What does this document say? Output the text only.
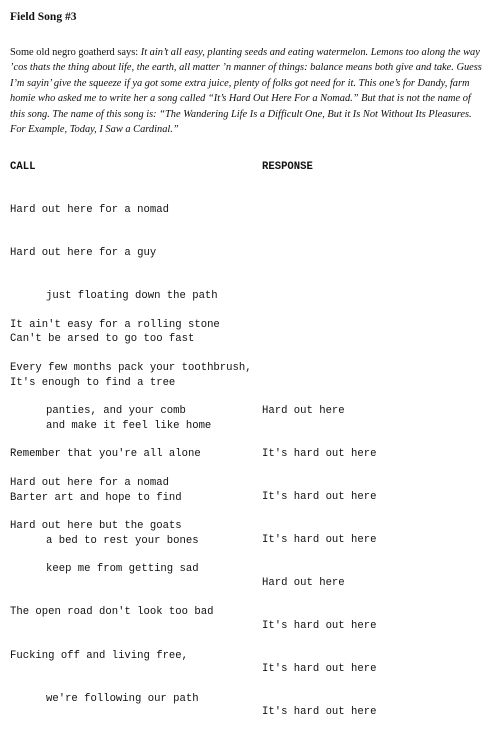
Field Song #3

Some old negro goatherd says: It ain’t all easy, planting seeds and eating watermelon. Lemons too along the way ’cos thats the thing about life, the earth, all matter ’n manner of things: balance means both give and take. Guess I’m sayin’ give the squeeze if ya got some extra juice, plenty of folks got need for it. This one’s for Dandy, farm homie who asked me to write her a song called “It’s Hard Out Here For a Nomad.” But that is not the name of this song. The name of this song is: “The Wandering Life Is a Difficult One, But it Is Not Without Its Pleasures. For Example, Today, I Saw a Cardinal.”

CALL	RESPONSE

Hard out here for a nomad

Hard out here for a guy

just floating down the path

Can't be arsed to go too fast

It's enough to find a tree

and make it feel like home

It ain't easy for a rolling stone

Every few months pack your toothbrush,

panties, and your comb

Remember that you're all alone

Barter art and hope to find

a bed to rest your bones

Hard out here

It's hard out here

It's hard out here

It's hard out here

Hard out here for a nomad

Hard out here but the goats

keep me from getting sad

The open road don't look too bad

Fucking off and living free,

we're following our path

Hard out here

It's hard out here

It's hard out here

It's hard out here
